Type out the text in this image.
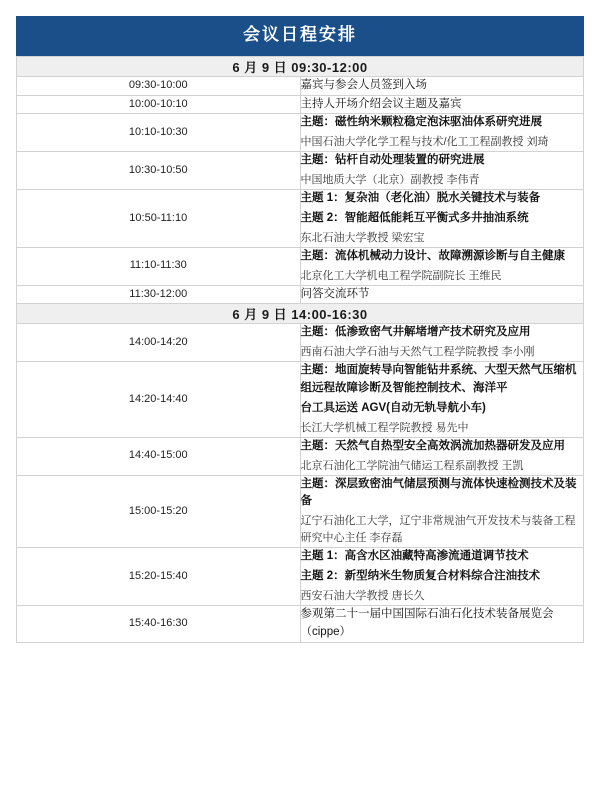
会议日程安排
6 月 9 日 09:30-12:00	
09:30-10:00	嘉宾与参会人员签到入场

10:00-10:10	主持人开场介绍会议主题及嘉宾

10:10-10:30	主题：磁性纳米颗粒稳定泡沫驱油体系研究进展
中国石油大学化学工程与技术/化工工程副教授 刘琦

10:30-10:50	主题：钻杆自动处理装置的研究进展
中国地质大学（北京）副教授 李伟青

10:50-11:10	主题 1：复杂油（老化油）脱水关键技术与装备
主题 2：智能超低能耗互平衡式多井抽油系统
东北石油大学教授 梁宏宝

11:10-11:30	主题：流体机械动力设计、故障溯源诊断与自主健康
北京化工大学机电工程学院副院长 王维民

11:30-12:00	问答交流环节

6 月 9 日 14:00-16:30	
14:00-14:20	主题：低渗致密气井解堵增产技术研究及应用
西南石油大学石油与天然气工程学院教授 李小刚

14:20-14:40	主题：地面旋转导向智能钻井系统、大型天然气压缩机组远程故障诊断及智能控制技术、海洋平
台工具运送 AGV(自动无轨导航小车)
长江大学机械工程学院教授 易先中

14:40-15:00	主题：天然气自热型安全高效涡流加热器研发及应用
北京石油化工学院油气储运工程系副教授 王凯

15:00-15:20	主题：深层致密油气储层预测与流体快速检测技术及装备
辽宁石油化工大学，辽宁非常规油气开发技术与装备工程研究中心主任 李存磊

15:20-15:40	主题 1：高含水区油藏特高渗流通道调节技术
主题 2：新型纳米生物质复合材料综合注油技术
西安石油大学教授 唐长久

15:40-16:30	参观第二十一届中国国际石油石化技术装备展览会（cippe）
